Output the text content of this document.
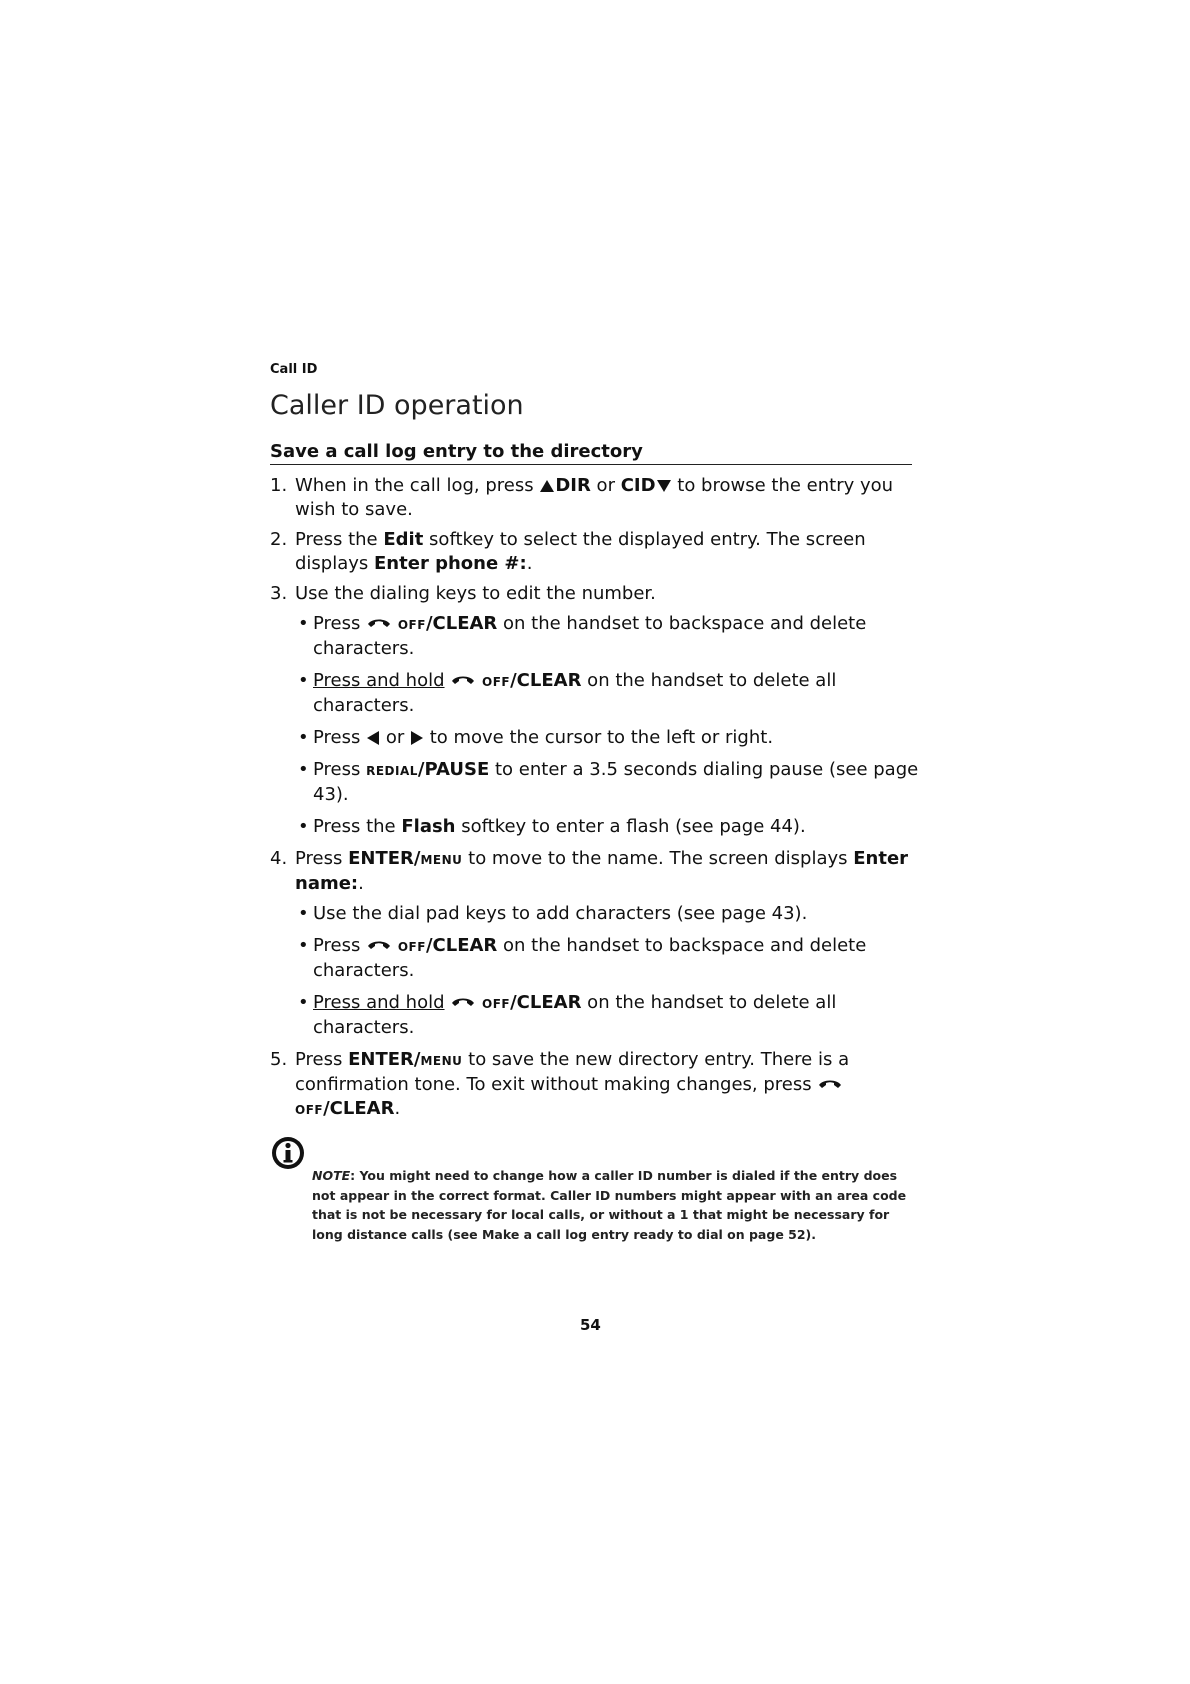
Call ID
Caller ID operation
Save a call log entry to the directory
1. When in the call log, press DIR or CID to browse the entry you wish to save.
2. Press the Edit softkey to select the displayed entry. The screen displays Enter phone #:.
3. Use the dialing keys to edit the number.
• Press	OFF/CLEAR on the handset to backspace and delete characters.
• Press and hold	OFF/CLEAR on the handset to delete all characters.
• Press  or  to move the cursor to the left or right.
• Press REDIAL/PAUSE to enter a 3.5 seconds dialing pause (see page 43).
• Press the Flash softkey to enter a flash (see page 44).
4. Press ENTER/MENU to move to the name. The screen displays Enter name:.
• Use the dial pad keys to add characters (see page 43).
• Press	OFF/CLEAR on the handset to backspace and delete characters.
• Press and hold	OFF/CLEAR on the handset to delete all characters.
5. Press ENTER/MENU to save the new directory entry. There is a confirmation tone. To exit without making changes, press  OFF/CLEAR.
NOTE: You might need to change how a caller ID number is dialed if the entry does not appear in the correct format. Caller ID numbers might appear with an area code that is not be necessary for local calls, or without a 1 that might be necessary for long distance calls (see Make a call log entry ready to dial on page 52).
54
